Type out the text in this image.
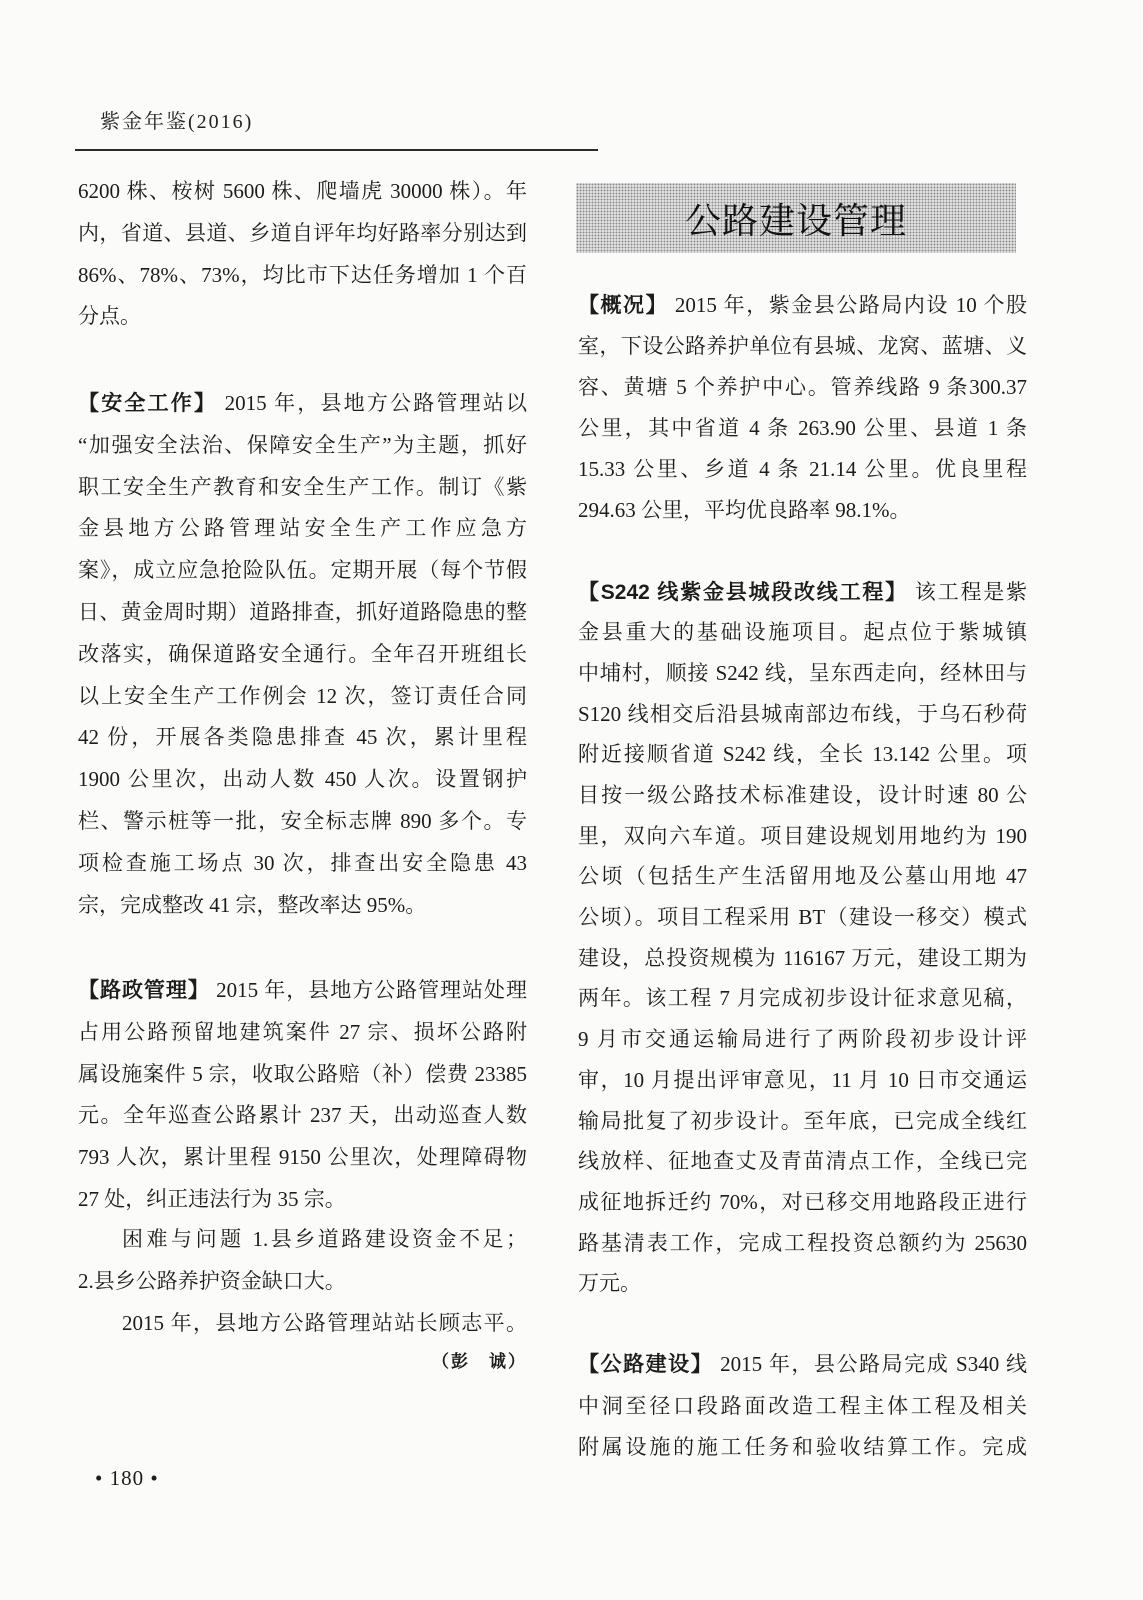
紫金年鉴(2016)
6200 株、桉树 5600 株、爬墙虎 30000 株）。年
内，省道、县道、乡道自评年均好路率分别达到
86%、78%、73%，均比市下达任务增加 1 个百
分点。
【安全工作】 2015 年，县地方公路管理站以
“加强安全法治、保障安全生产”为主题，抓好
职工安全生产教育和安全生产工作。制订《紫
金县地方公路管理站安全生产工作应急方
案》，成立应急抢险队伍。定期开展（每个节假
日、黄金周时期）道路排查，抓好道路隐患的整
改落实，确保道路安全通行。全年召开班组长
以上安全生产工作例会 12 次，签订责任合同
42 份，开展各类隐患排查 45 次，累计里程
1900 公里次，出动人数 450 人次。设置钢护
栏、警示桩等一批，安全标志牌 890 多个。专
项检查施工场点 30 次，排查出安全隐患 43
宗，完成整改 41 宗，整改率达 95%。
【路政管理】 2015 年，县地方公路管理站处理
占用公路预留地建筑案件 27 宗、损坏公路附
属设施案件 5 宗，收取公路赔（补）偿费 23385
元。全年巡查公路累计 237 天，出动巡查人数
793 人次，累计里程 9150 公里次，处理障碍物
27 处，纠正违法行为 35 宗。
困难与问题 1.县乡道路建设资金不足；
2.县乡公路养护资金缺口大。
2015 年，县地方公路管理站站长顾志平。
（彭　诚）
公路建设管理
【概况】 2015 年，紫金县公路局内设 10 个股
室，下设公路养护单位有县城、龙窝、蓝塘、义
容、黄塘 5 个养护中心。管养线路 9 条300.37
公里，其中省道 4 条 263.90 公里、县道 1 条
15.33 公里、乡道 4 条 21.14 公里。优良里程
294.63 公里，平均优良路率 98.1%。
【S242 线紫金县城段改线工程】 该工程是紫
金县重大的基础设施项目。起点位于紫城镇
中埔村，顺接 S242 线，呈东西走向，经林田与
S120 线相交后沿县城南部边布线，于乌石秒荷
附近接顺省道 S242 线，全长 13.142 公里。项
目按一级公路技术标准建设，设计时速 80 公
里，双向六车道。项目建设规划用地约为 190
公顷（包括生产生活留用地及公墓山用地 47
公顷）。项目工程采用 BT（建设一移交）模式
建设，总投资规模为 116167 万元，建设工期为
两年。该工程 7 月完成初步设计征求意见稿，
9 月市交通运输局进行了两阶段初步设计评
审，10 月提出评审意见，11 月 10 日市交通运
输局批复了初步设计。至年底，已完成全线红
线放样、征地查丈及青苗清点工作，全线已完
成征地拆迁约 70%，对已移交用地路段正进行
路基清表工作，完成工程投资总额约为 25630
万元。
【公路建设】 2015 年，县公路局完成 S340 线
中洞至径口段路面改造工程主体工程及相关
附属设施的施工任务和验收结算工作。完成
• 180 •
